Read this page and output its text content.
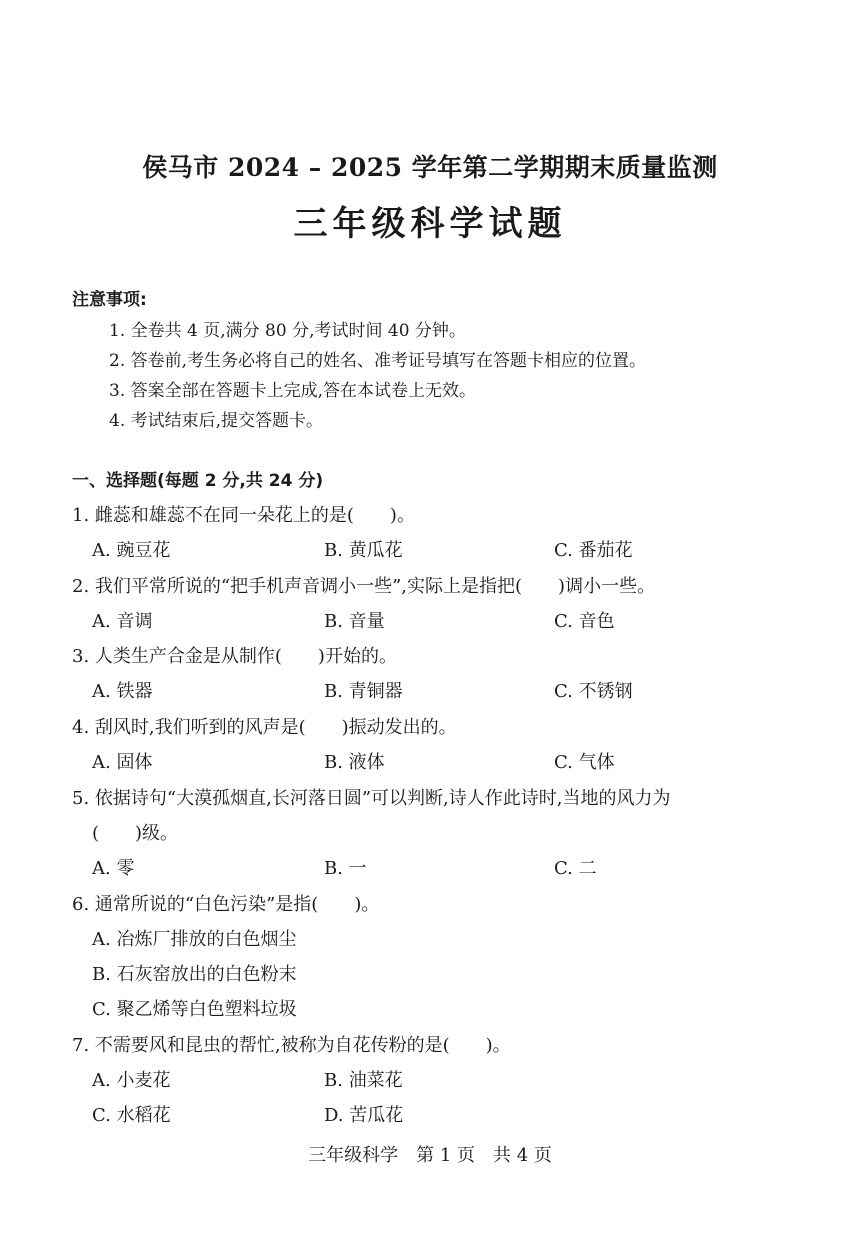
侯马市 2024 – 2025 学年第二学期期末质量监测
三年级科学试题
注意事项:
1. 全卷共 4 页,满分 80 分,考试时间 40 分钟。
2. 答卷前,考生务必将自己的姓名、准考证号填写在答题卡相应的位置。
3. 答案全部在答题卡上完成,答在本试卷上无效。
4. 考试结束后,提交答题卡。
一、选择题(每题 2 分,共 24 分)
1. 雌蕊和雄蕊不在同一朵花上的是(　　)。
A. 豌豆花	B. 黄瓜花	C. 番茄花
2. 我们平常所说的“把手机声音调小一些”,实际上是指把(　　)调小一些。
A. 音调	B. 音量	C. 音色
3. 人类生产合金是从制作(　　)开始的。
A. 铁器	B. 青铜器	C. 不锈钢
4. 刮风时,我们听到的风声是(　　)振动发出的。
A. 固体	B. 液体	C. 气体
5. 依据诗句“大漠孤烟直,长河落日圆”可以判断,诗人作此诗时,当地的风力为
(　　)级。
A. 零	B. 一	C. 二
6. 通常所说的“白色污染”是指(　　)。
A. 冶炼厂排放的白色烟尘
B. 石灰窑放出的白色粉末
C. 聚乙烯等白色塑料垃圾
7. 不需要风和昆虫的帮忙,被称为自花传粉的是(　　)。
A. 小麦花	B. 油菜花
C. 水稻花	D. 苦瓜花
三年级科学　第 1 页　共 4 页
